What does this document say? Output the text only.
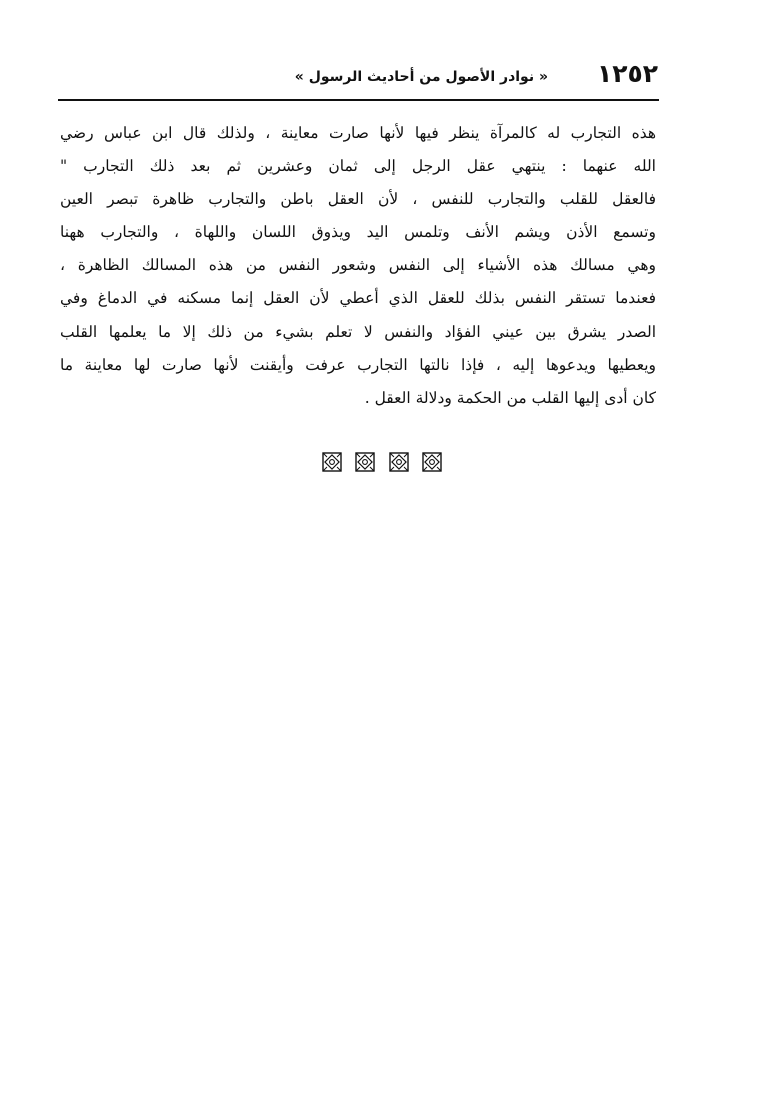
١٢٥٢
« نوادر الأصول من أحاديث الرسول »
هذه التجارب له كالمرآة ينظر فيها لأنها صارت معاينة ، ولذلك قال ابن عباس رضي
الله عنهما : ينتهي عقل الرجل إلى ثمان وعشرين ثم بعد ذلك التجارب "
فالعقل للقلب والتجارب للنفس ، لأن العقل باطن والتجارب ظاهرة تبصر العين
وتسمع الأذن ويشم الأنف وتلمس اليد ويذوق اللسان واللهاة ، والتجارب ههنا
وهي مسالك هذه الأشياء إلى النفس وشعور النفس من هذه المسالك الظاهرة ،
فعندما تستقر النفس بذلك للعقل الذي أعطي لأن العقل إنما مسكنه في الدماغ وفي
الصدر يشرق بين عيني الفؤاد والنفس لا تعلم بشيء من ذلك إلا ما يعلمها القلب
ويعطيها ويدعوها إليه ، فإذا نالتها التجارب عرفت وأيقنت لأنها صارت لها معاينة ما
كان أدى إليها القلب من الحكمة ودلالة العقل .
